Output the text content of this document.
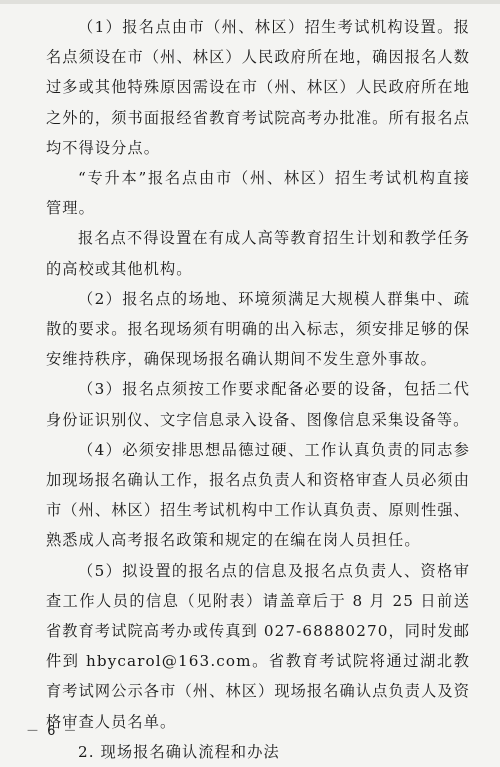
（1）报名点由市（州、林区）招生考试机构设置。报名点须设在市（州、林区）人民政府所在地，确因报名人数过多或其他特殊原因需设在市（州、林区）人民政府所在地之外的，须书面报经省教育考试院高考办批准。所有报名点均不得设分点。

“专升本”报名点由市（州、林区）招生考试机构直接管理。

报名点不得设置在有成人高等教育招生计划和教学任务的高校或其他机构。

（2）报名点的场地、环境须满足大规模人群集中、疏散的要求。报名现场须有明确的出入标志，须安排足够的保安维持秩序，确保现场报名确认期间不发生意外事故。

（3）报名点须按工作要求配备必要的设备，包括二代身份证识别仪、文字信息录入设备、图像信息采集设备等。

（4）必须安排思想品德过硬、工作认真负责的同志参加现场报名确认工作，报名点负责人和资格审查人员必须由市（州、林区）招生考试机构中工作认真负责、原则性强、熟悉成人高考报名政策和规定的在编在岗人员担任。

（5）拟设置的报名点的信息及报名点负责人、资格审查工作人员的信息（见附表）请盖章后于 8 月 25 日前送省教育考试院高考办或传真到 027-68880270，同时发邮件到 hbycarol@163.com。省教育考试院将通过湖北教育考试网公示各市（州、林区）现场报名确认点负责人及资格审查人员名单。

2. 现场报名确认流程和办法

－ 6 －
